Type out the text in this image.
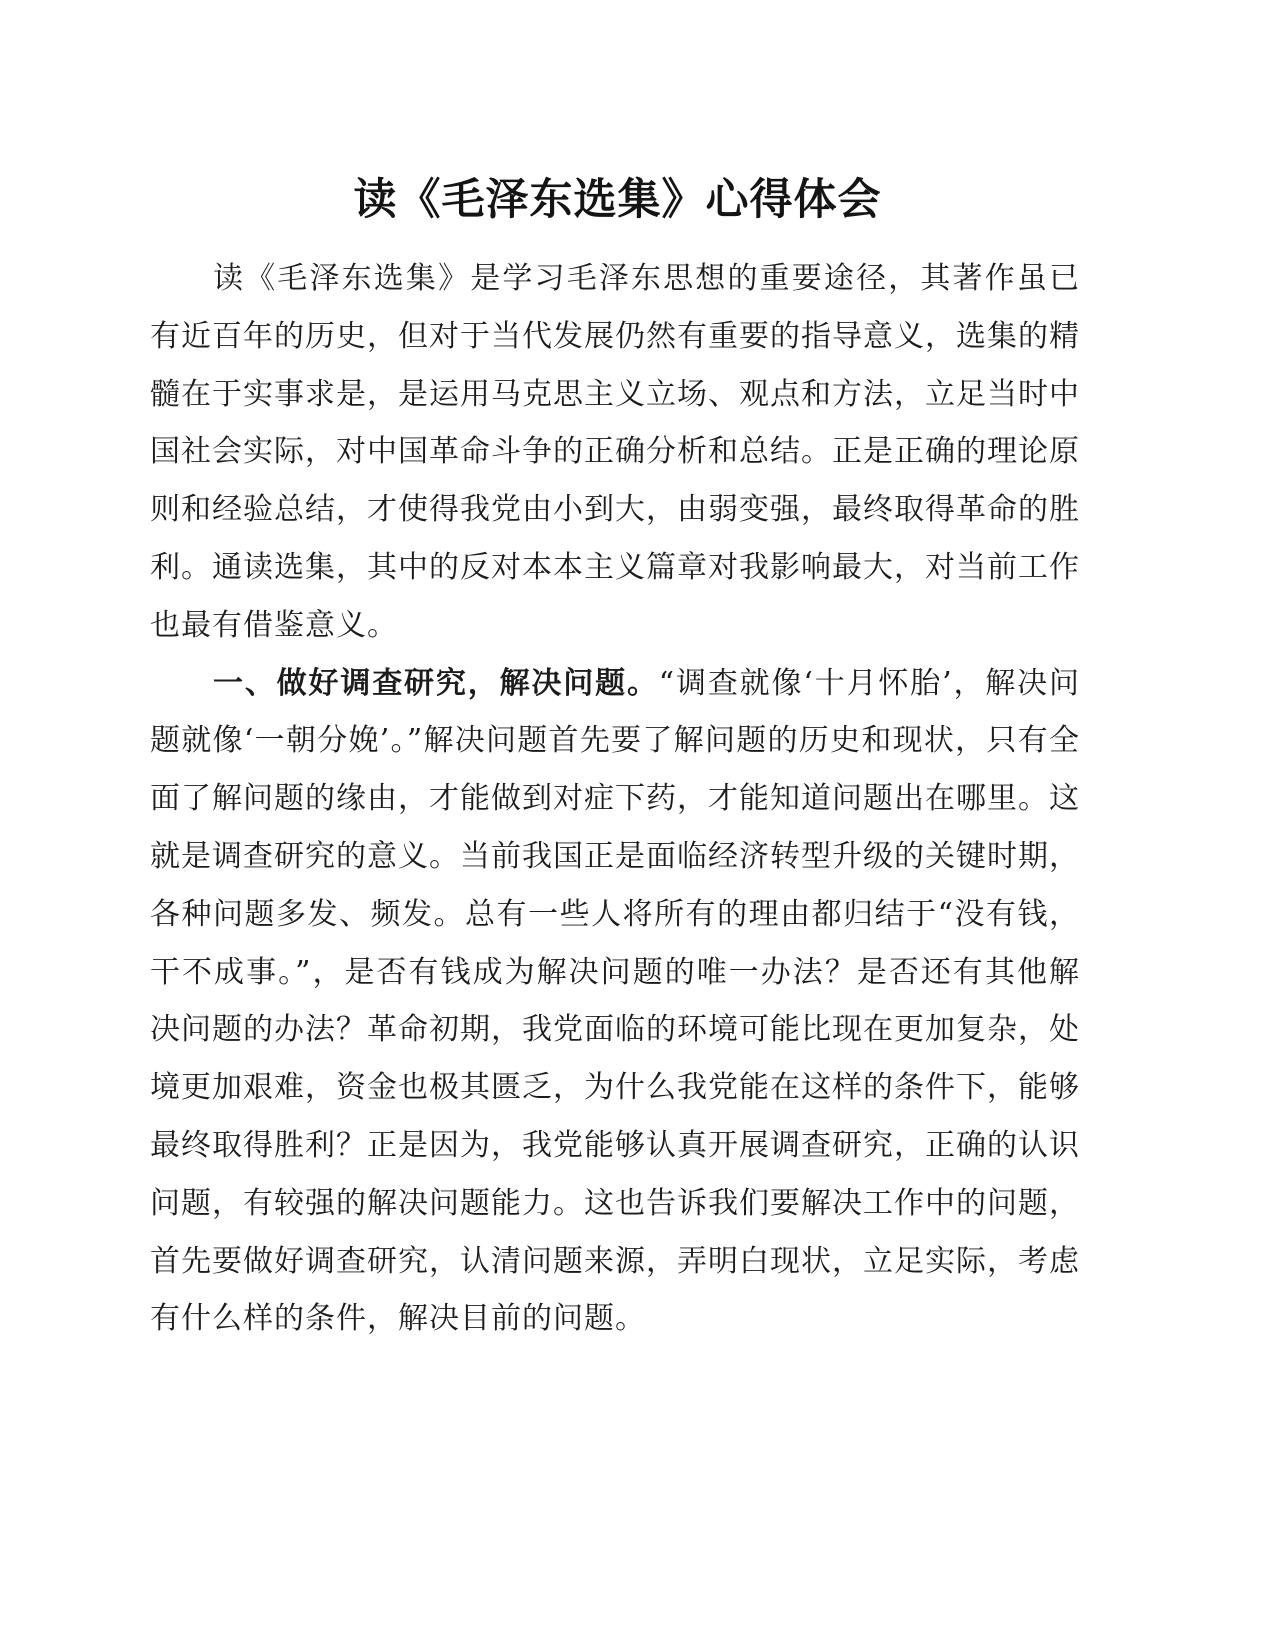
读《毛泽东选集》心得体会

读《毛泽东选集》是学习毛泽东思想的重要途径，其著作虽已有近百年的历史，但对于当代发展仍然有重要的指导意义，选集的精髓在于实事求是，是运用马克思主义立场、观点和方法，立足当时中国社会实际，对中国革命斗争的正确分析和总结。正是正确的理论原则和经验总结，才使得我党由小到大，由弱变强，最终取得革命的胜利。通读选集，其中的反对本本主义篇章对我影响最大，对当前工作也最有借鉴意义。

一、做好调查研究，解决问题。“调查就像‘十月怀胎’，解决问题就像‘一朝分娩’。”解决问题首先要了解问题的历史和现状，只有全面了解问题的缘由，才能做到对症下药，才能知道问题出在哪里。这就是调查研究的意义。当前我国正是面临经济转型升级的关键时期，各种问题多发、频发。总有一些人将所有的理由都归结于“没有钱，干不成事。”，是否有钱成为解决问题的唯一办法？是否还有其他解决问题的办法？革命初期，我党面临的环境可能比现在更加复杂，处境更加艰难，资金也极其匮乏，为什么我党能在这样的条件下，能够最终取得胜利？正是因为，我党能够认真开展调查研究，正确的认识问题，有较强的解决问题能力。这也告诉我们要解决工作中的问题，首先要做好调查研究，认清问题来源，弄明白现状，立足实际，考虑有什么样的条件，解决目前的问题。
